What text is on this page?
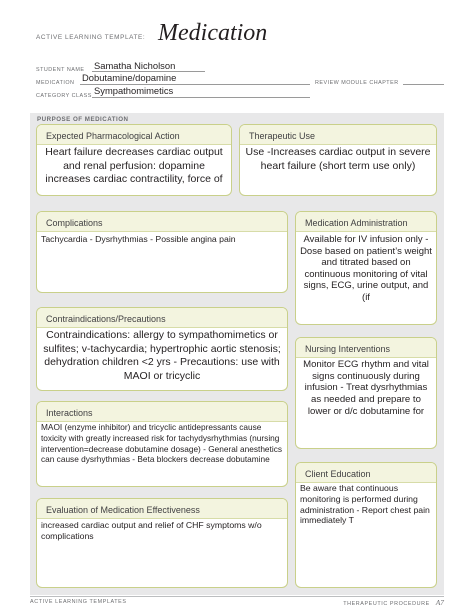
ACTIVE LEARNING TEMPLATE: Medication
STUDENT NAME Samatha Nicholson
MEDICATION Dobutamine/dopamine	REVIEW MODULE CHAPTER
CATEGORY CLASS Sympathomimetics
PURPOSE OF MEDICATION
Expected Pharmacological Action
Heart failure decreases cardiac output and renal perfusion: dopamine increases cardiac contractility, force of
Therapeutic Use
Use -Increases cardiac output in severe heart failure (short term use only)
Complications
Tachycardia - Dysrhythmias - Possible angina pain
Medication Administration
Available for IV infusion only - Dose based on patient’s weight and titrated based on continuous monitoring of vital signs, ECG, urine output, and (if
Contraindications/Precautions
Contraindications: allergy to sympathomimetics or sulfites; v-tachycardia; hypertrophic aortic stenosis; dehydration children <2 yrs - Precautions: use with MAOI or tricyclic
Nursing Interventions
Monitor ECG rhythm and vital signs continuously during infusion - Treat dysrhythmias as needed and prepare to lower or d/c dobutamine for
Interactions
MAOI (enzyme inhibitor) and tricyclic antidepressants cause toxicity with greatly increased risk for tachydysrhythmias (nursing intervention=decrease dobutamine dosage) - General anesthetics can cause dysrhythmias - Beta blockers decrease dobutamine
Client Education
Be aware that continuous monitoring is performed during administration - Report chest pain immediately T
Evaluation of Medication Effectiveness
increased cardiac output and relief of CHF symptoms w/o complications
ACTIVE LEARNING TEMPLATES	THERAPEUTIC PROCEDURE A7
